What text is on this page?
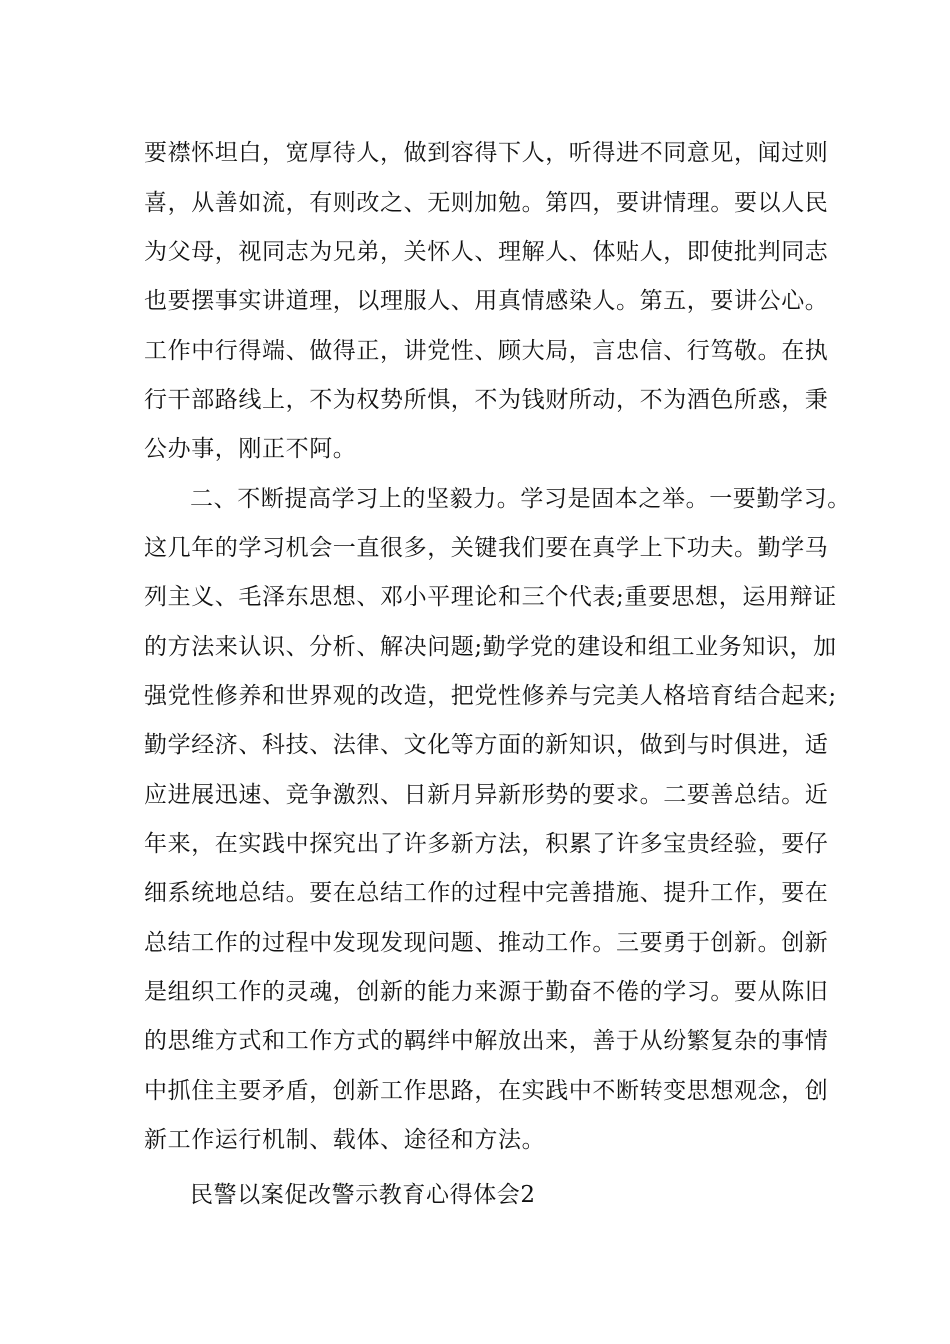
要襟怀坦白，宽厚待人，做到容得下人，听得进不同意见，闻过则
喜，从善如流，有则改之、无则加勉。第四，要讲情理。要以人民
为父母，视同志为兄弟，关怀人、理解人、体贴人，即使批判同志
也要摆事实讲道理，以理服人、用真情感染人。第五，要讲公心。
工作中行得端、做得正，讲党性、顾大局，言忠信、行笃敬。在执
行干部路线上，不为权势所惧，不为钱财所动，不为酒色所惑，秉
公办事，刚正不阿。
二、不断提高学习上的坚毅力。学习是固本之举。一要勤学习。
这几年的学习机会一直很多，关键我们要在真学上下功夫。勤学马
列主义、毛泽东思想、邓小平理论和三个代表;重要思想，运用辩证
的方法来认识、分析、解决问题;勤学党的建设和组工业务知识，加
强党性修养和世界观的改造，把党性修养与完美人格培育结合起来;
勤学经济、科技、法律、文化等方面的新知识，做到与时俱进，适
应进展迅速、竞争激烈、日新月异新形势的要求。二要善总结。近
年来，在实践中探究出了许多新方法，积累了许多宝贵经验，要仔
细系统地总结。要在总结工作的过程中完善措施、提升工作，要在
总结工作的过程中发现发现问题、推动工作。三要勇于创新。创新
是组织工作的灵魂，创新的能力来源于勤奋不倦的学习。要从陈旧
的思维方式和工作方式的羁绊中解放出来，善于从纷繁复杂的事情
中抓住主要矛盾，创新工作思路，在实践中不断转变思想观念，创
新工作运行机制、载体、途径和方法。
民警以案促改警示教育心得体会2
